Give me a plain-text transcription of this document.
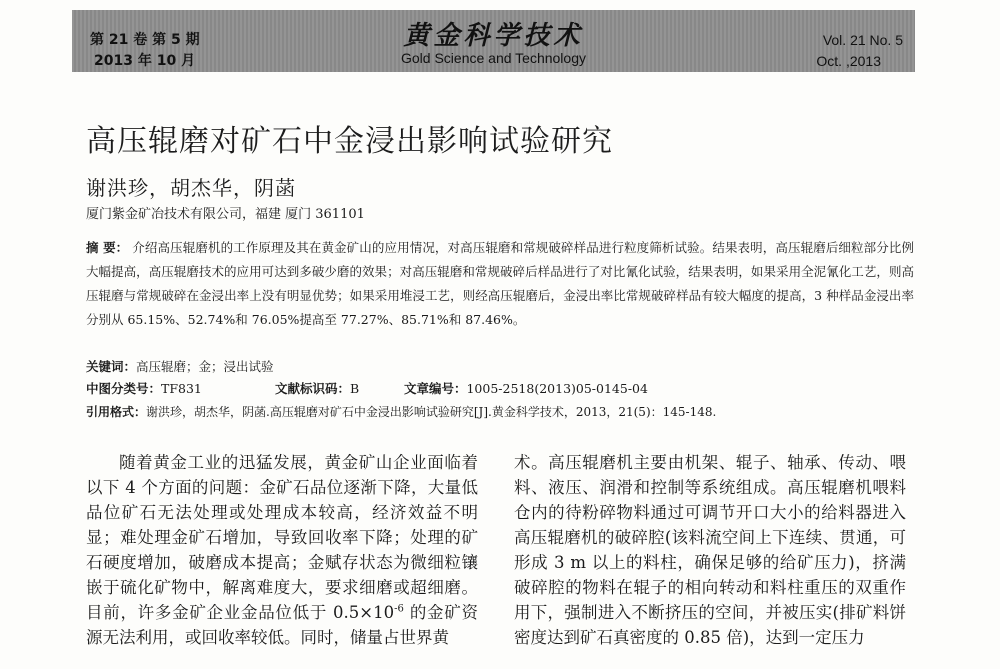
第 21 卷 第 5 期
2013 年 10 月
黄金科学技术
Gold Science and Technology
Vol. 21 No. 5
Oct. ,2013
高压辊磨对矿石中金浸出影响试验研究
谢洪珍，胡杰华，阴菡
厦门紫金矿冶技术有限公司，福建 厦门 361101
摘 要： 介绍高压辊磨机的工作原理及其在黄金矿山的应用情况，对高压辊磨和常规破碎样品进行粒度筛析试验。结果表明，高压辊磨后细粒部分比例大幅提高，高压辊磨技术的应用可达到多破少磨的效果；对高压辊磨和常规破碎后样品进行了对比氰化试验，结果表明，如果采用全泥氰化工艺，则高压辊磨与常规破碎在金浸出率上没有明显优势；如果采用堆浸工艺，则经高压辊磨后，金浸出率比常规破碎样品有较大幅度的提高，3 种样品金浸出率分别从 65.15%、52.74%和 76.05%提高至 77.27%、85.71%和 87.46%。
关键词：高压辊磨；金；浸出试验
中图分类号：TF831	文献标识码：B	文章编号：1005-2518(2013)05-0145-04
引用格式：谢洪珍，胡杰华，阴菡.高压辊磨对矿石中金浸出影响试验研究[J].黄金科学技术，2013，21(5)：145-148.

随着黄金工业的迅猛发展，黄金矿山企业面临着以下 4 个方面的问题：金矿石品位逐渐下降，大量低品位矿石无法处理或处理成本较高，经济效益不明显；难处理金矿石增加，导致回收率下降；处理的矿石硬度增加，破磨成本提高；金赋存状态为微细粒镶嵌于硫化矿物中，解离难度大，要求细磨或超细磨。目前，许多金矿企业金品位低于 $0.5\times 10^{-6}$ 的金矿资源无法利用，或回收率较低。同时，储量占世界黄

术。高压辊磨机主要由机架、辊子、轴承、传动、喂料、液压、润滑和控制等系统组成。高压辊磨机喂料仓内的待粉碎物料通过可调节开口大小的给料器进入高压辊磨机的破碎腔(该料流空间上下连续、贯通，可形成 3 m 以上的料柱，确保足够的给矿压力)，挤满破碎腔的物料在辊子的相向转动和料柱重压的双重作用下，强制进入不断挤压的空间，并被压实(排矿料饼密度达到矿石真密度的 0.85 倍)，达到一定压力
